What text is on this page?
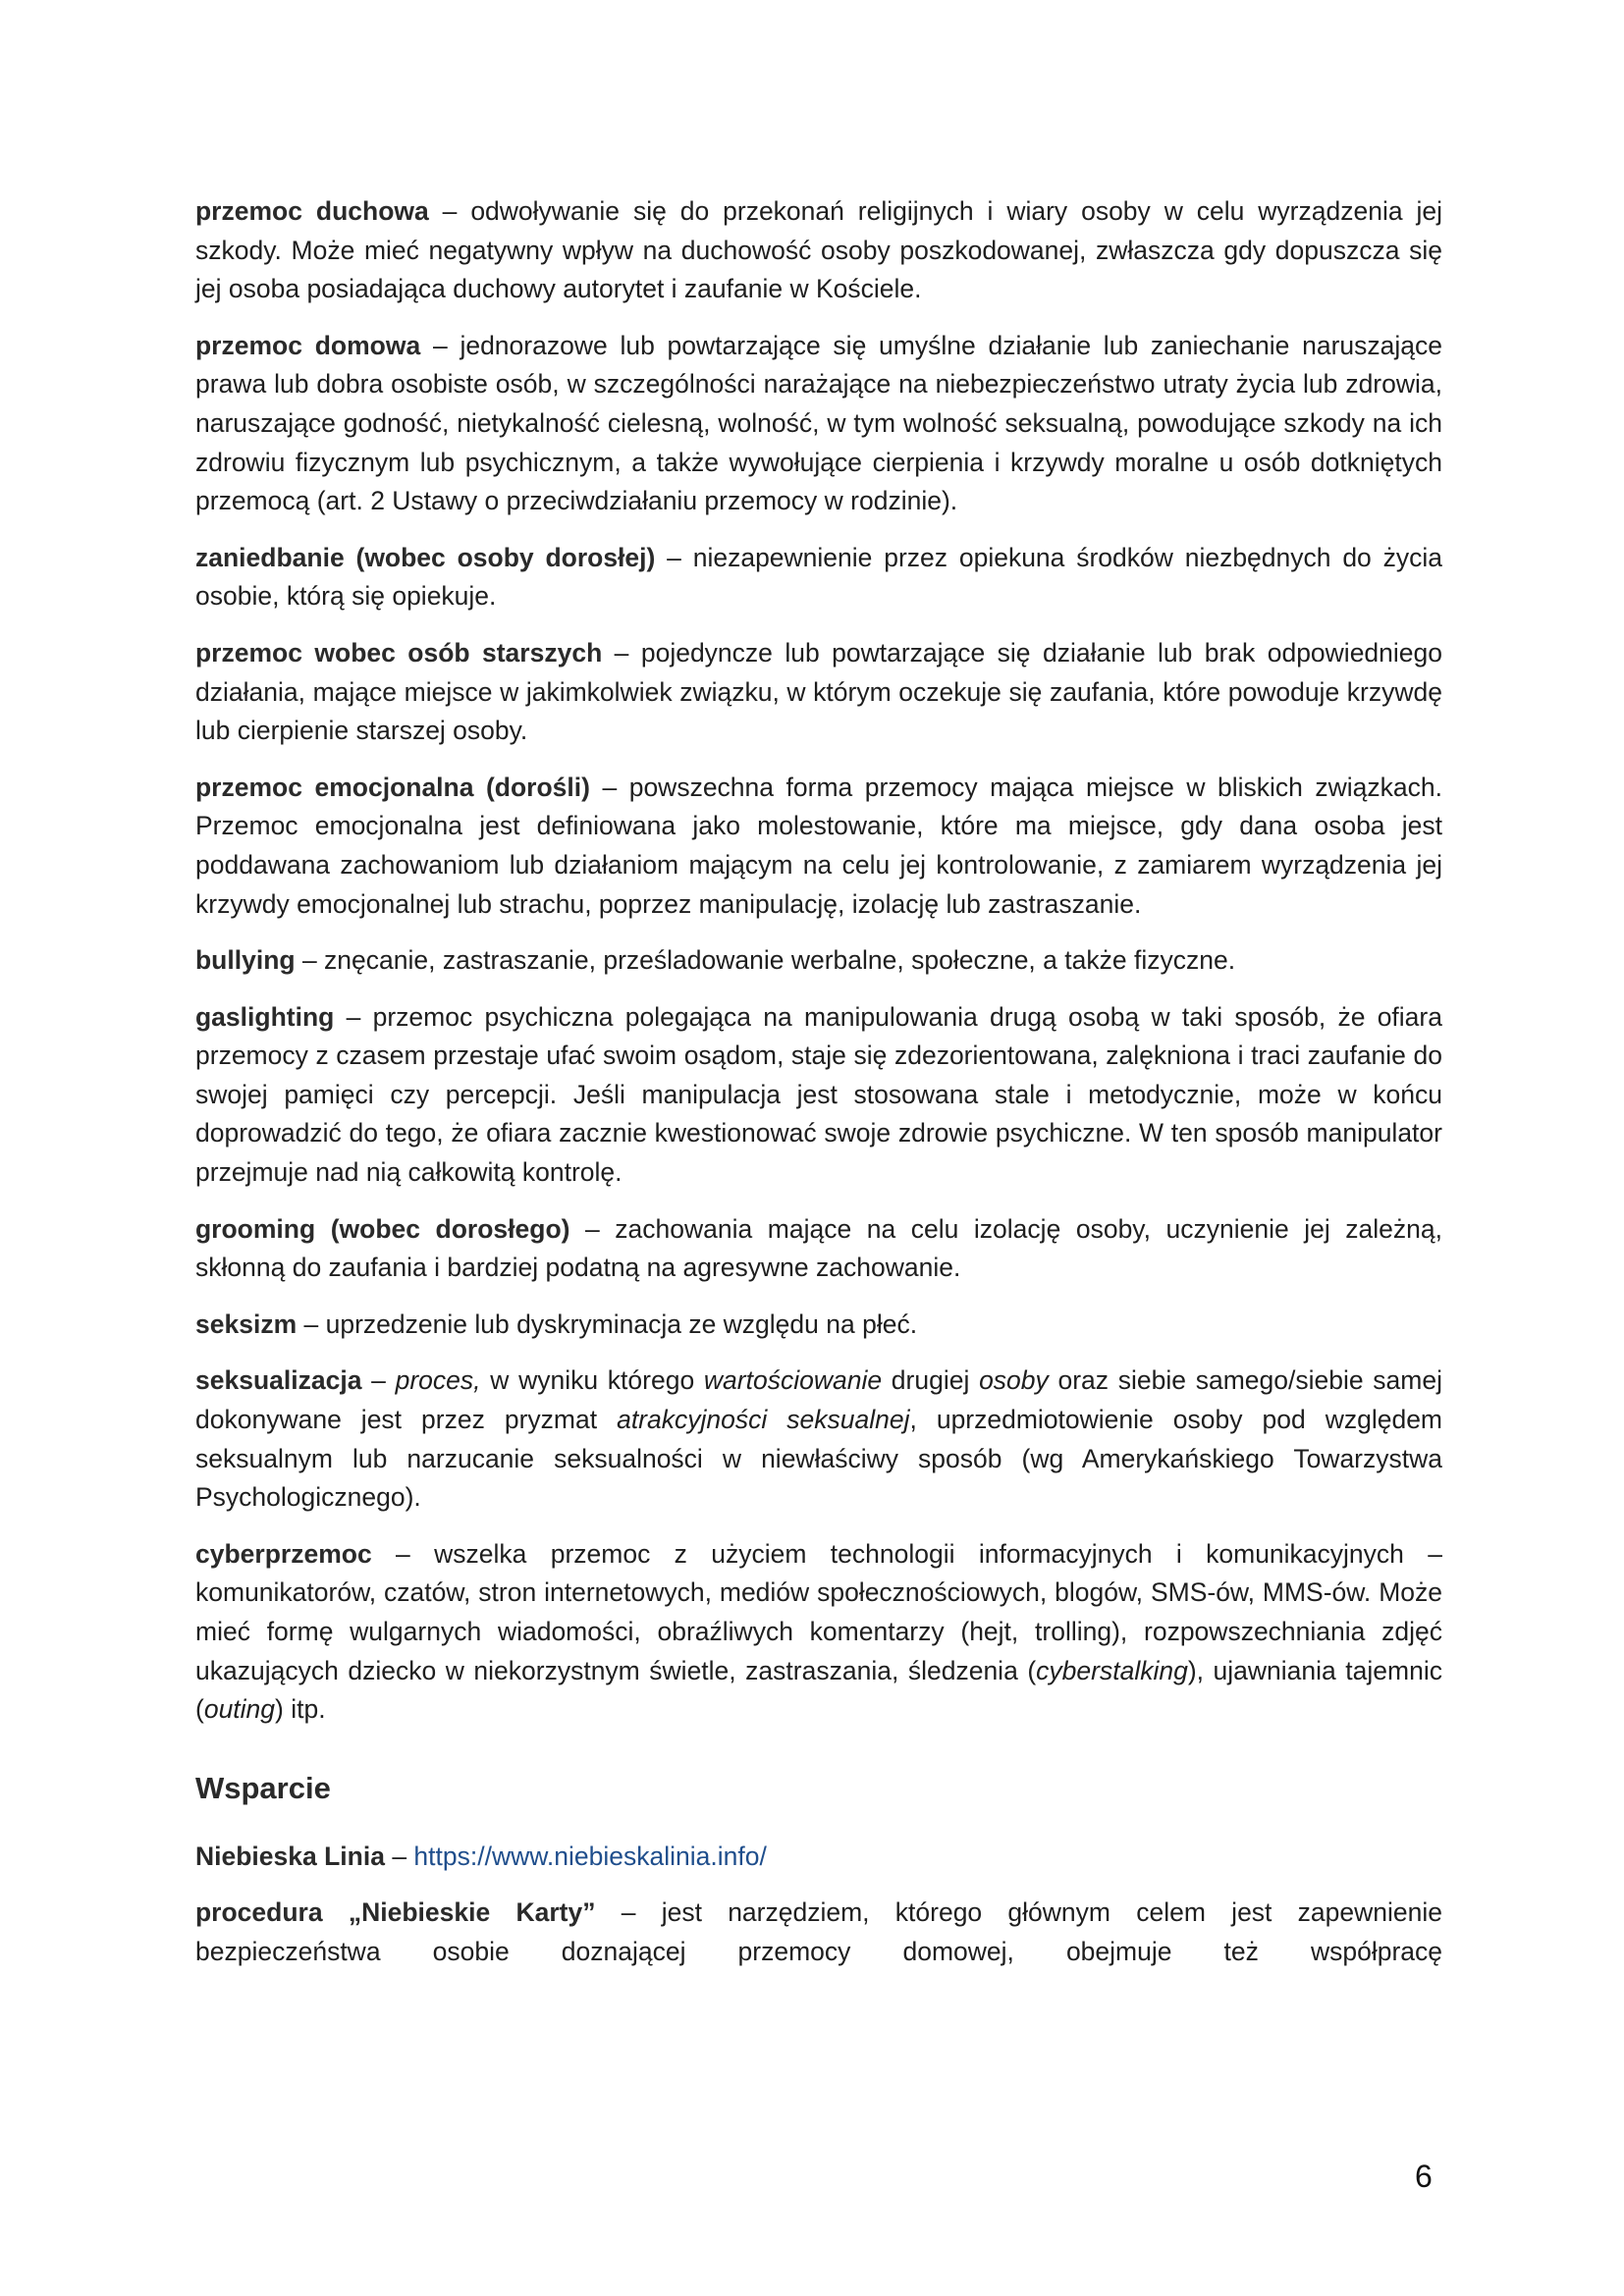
przemoc duchowa – odwoływanie się do przekonań religijnych i wiary osoby w celu wyrządzenia jej szkody. Może mieć negatywny wpływ na duchowość osoby poszkodowanej, zwłaszcza gdy dopuszcza się jej osoba posiadająca duchowy autorytet i zaufanie w Kościele.

przemoc domowa – jednorazowe lub powtarzające się umyślne działanie lub zaniechanie naruszające prawa lub dobra osobiste osób, w szczególności narażające na niebezpieczeństwo utraty życia lub zdrowia, naruszające godność, nietykalność cielesną, wolność, w tym wolność seksualną, powodujące szkody na ich zdrowiu fizycznym lub psychicznym, a także wywołujące cierpienia i krzywdy moralne u osób dotkniętych przemocą (art. 2 Ustawy o przeciwdziałaniu przemocy w rodzinie).

zaniedbanie (wobec osoby dorosłej) – niezapewnienie przez opiekuna środków niezbędnych do życia osobie, którą się opiekuje.

przemoc wobec osób starszych – pojedyncze lub powtarzające się działanie lub brak odpowiedniego działania, mające miejsce w jakimkolwiek związku, w którym oczekuje się zaufania, które powoduje krzywdę lub cierpienie starszej osoby.

przemoc emocjonalna (dorośli) – powszechna forma przemocy mająca miejsce w bliskich związkach. Przemoc emocjonalna jest definiowana jako molestowanie, które ma miejsce, gdy dana osoba jest poddawana zachowaniom lub działaniom mającym na celu jej kontrolowanie, z zamiarem wyrządzenia jej krzywdy emocjonalnej lub strachu, poprzez manipulację, izolację lub zastraszanie.

bullying – znęcanie, zastraszanie, prześladowanie werbalne, społeczne, a także fizyczne.

gaslighting – przemoc psychiczna polegająca na manipulowania drugą osobą w taki sposób, że ofiara przemocy z czasem przestaje ufać swoim osądom, staje się zdezorientowana, zalękniona i traci zaufanie do swojej pamięci czy percepcji. Jeśli manipulacja jest stosowana stale i metodycznie, może w końcu doprowadzić do tego, że ofiara zacznie kwestionować swoje zdrowie psychiczne. W ten sposób manipulator przejmuje nad nią całkowitą kontrolę.

grooming (wobec dorosłego) – zachowania mające na celu izolację osoby, uczynienie jej zależną, skłonną do zaufania i bardziej podatną na agresywne zachowanie.

seksizm – uprzedzenie lub dyskryminacja ze względu na płeć.

seksualizacja – proces, w wyniku którego wartościowanie drugiej osoby oraz siebie samego/siebie samej dokonywane jest przez pryzmat atrakcyjności seksualnej, uprzedmiotowienie osoby pod względem seksualnym lub narzucanie seksualności w niewłaściwy sposób (wg Amerykańskiego Towarzystwa Psychologicznego).

cyberprzemoc – wszelka przemoc z użyciem technologii informacyjnych i komunikacyjnych – komunikatorów, czatów, stron internetowych, mediów społecznościowych, blogów, SMS-ów, MMS-ów. Może mieć formę wulgarnych wiadomości, obraźliwych komentarzy (hejt, trolling), rozpowszechniania zdjęć ukazujących dziecko w niekorzystnym świetle, zastraszania, śledzenia (cyberstalking), ujawniania tajemnic (outing) itp.

Wsparcie

Niebieska Linia – https://www.niebieskalinia.info/

procedura „Niebieskie Karty” – jest narzędziem, którego głównym celem jest zapewnienie bezpieczeństwa osobie doznającej przemocy domowej, obejmuje też współpracę

6
